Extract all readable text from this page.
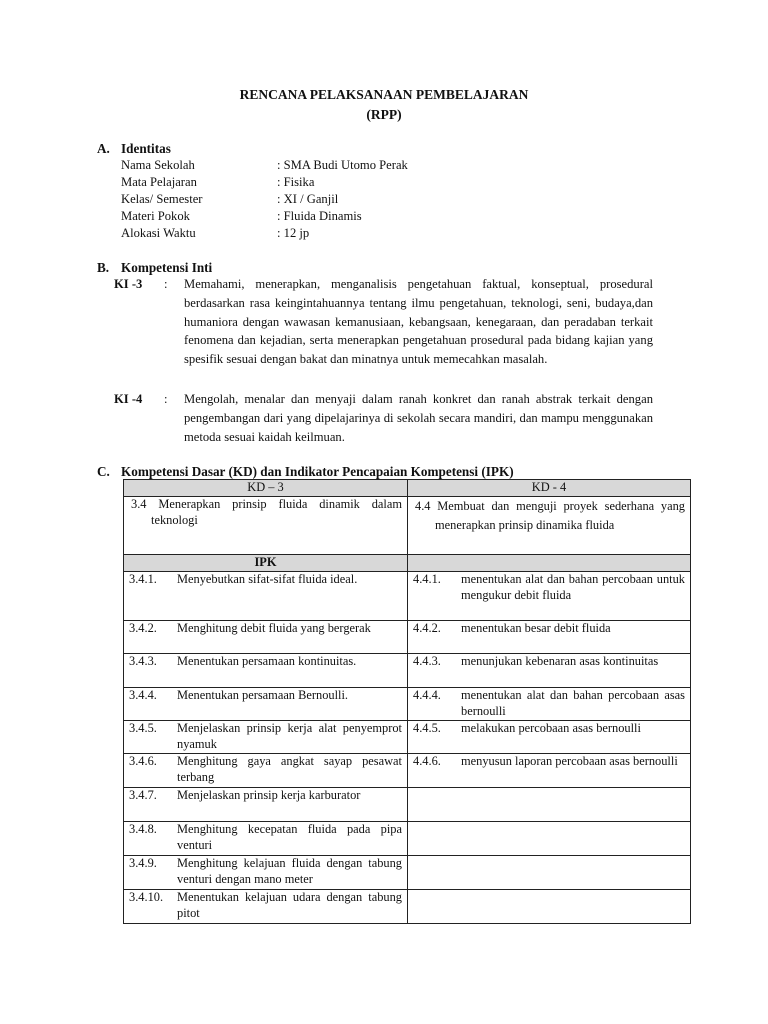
RENCANA PELAKSANAAN PEMBELAJARAN
(RPP)
A. Identitas
Nama Sekolah	: SMA Budi Utomo Perak
Mata Pelajaran	: Fisika
Kelas/ Semester	: XI / Ganjil
Materi Pokok	: Fluida Dinamis
Alokasi Waktu	: 12 jp
B. Kompetensi Inti
KI -3 : Memahami, menerapkan, menganalisis pengetahuan faktual, konseptual, prosedural berdasarkan rasa keingintahuannya tentang ilmu pengetahuan, teknologi, seni, budaya,dan humaniora dengan wawasan kemanusiaan, kebangsaan, kenegaraan, dan peradaban terkait fenomena dan kejadian, serta menerapkan pengetahuan prosedural pada bidang kajian yang spesifik sesuai dengan bakat dan minatnya untuk memecahkan masalah.
KI -4 : Mengolah, menalar dan menyaji dalam ranah konkret dan ranah abstrak terkait dengan pengembangan dari yang dipelajarinya di sekolah secara mandiri, dan mampu menggunakan metoda sesuai kaidah keilmuan.
C. Kompetensi Dasar (KD) dan Indikator Pencapaian Kompetensi (IPK)
KD – 3	KD - 4

3.4 Menerapkan prinsip fluida dinamik dalam teknologi	4.4 Membuat dan menguji proyek sederhana yang menerapkan prinsip dinamika fluida

IPK	

3.4.1. Menyebutkan sifat-sifat fluida ideal.	4.4.1. menentukan alat dan bahan percobaan untuk mengukur debit fluida

3.4.2. Menghitung debit fluida yang bergerak	4.4.2. menentukan besar debit fluida

3.4.3. Menentukan persamaan kontinuitas.	4.4.3. menunjukan kebenaran asas kontinuitas

3.4.4. Menentukan persamaan Bernoulli.	4.4.4. menentukan alat dan bahan percobaan asas bernoulli

3.4.5. Menjelaskan prinsip kerja alat penyemprot nyamuk	4.4.5. melakukan percobaan asas bernoulli

3.4.6. Menghitung gaya angkat sayap pesawat terbang	4.4.6. menyusun laporan percobaan asas bernoulli

3.4.7. Menjelaskan prinsip kerja karburator	

3.4.8. Menghitung kecepatan fluida pada pipa venturi	

3.4.9. Menghitung kelajuan fluida dengan tabung venturi dengan mano meter	

3.4.10. Menentukan kelajuan udara dengan tabung pitot	
